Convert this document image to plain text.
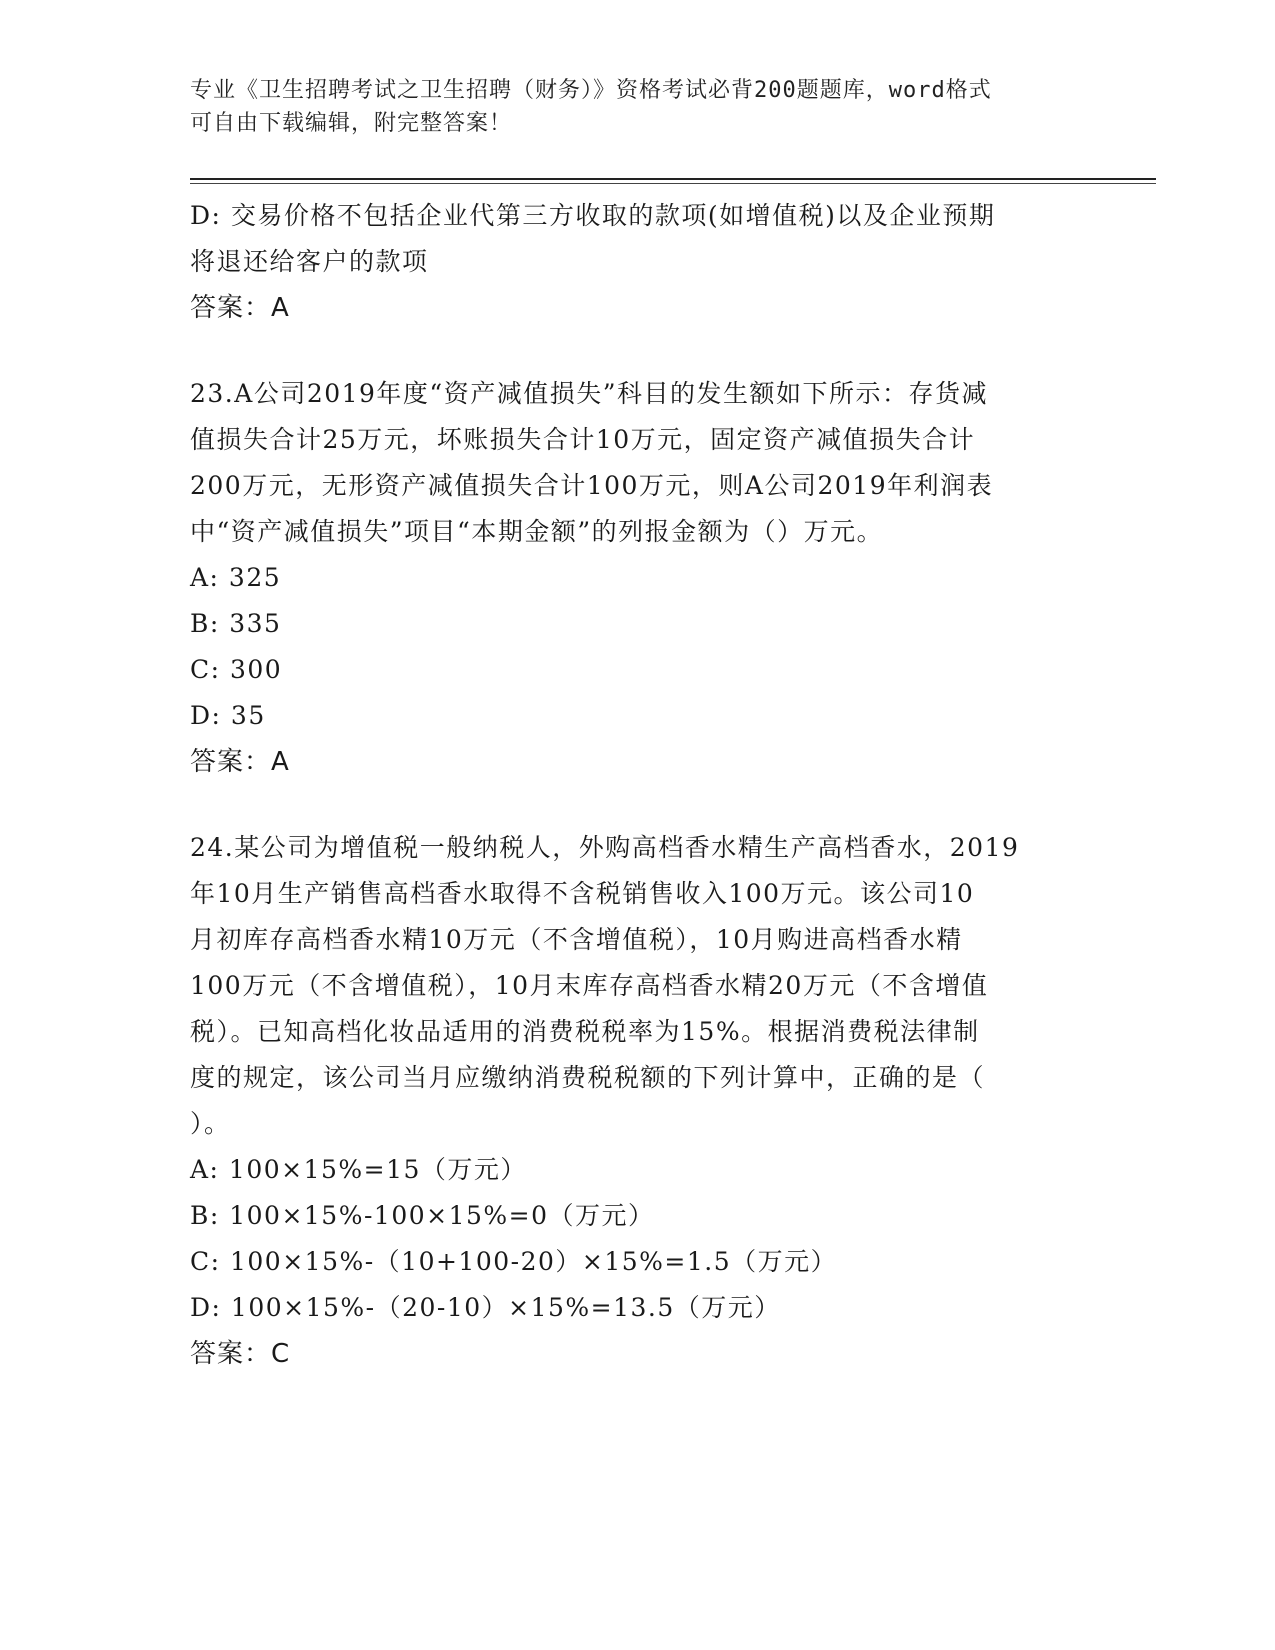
专业《卫生招聘考试之卫生招聘（财务）》资格考试必背200题题库，word格式
可自由下载编辑，附完整答案！
D: 交易价格不包括企业代第三方收取的款项(如增值税)以及企业预期
将退还给客户的款项
答案：A
23.A公司2019年度“资产减值损失”科目的发生额如下所示：存货减
值损失合计25万元，坏账损失合计10万元，固定资产减值损失合计
200万元，无形资产减值损失合计100万元，则A公司2019年利润表
中“资产减值损失”项目“本期金额”的列报金额为（）万元。
A: 325
B: 335
C: 300
D: 35
答案：A
24.某公司为增值税一般纳税人，外购高档香水精生产高档香水，2019
年10月生产销售高档香水取得不含税销售收入100万元。该公司10
月初库存高档香水精10万元（不含增值税），10月购进高档香水精
100万元（不含增值税），10月末库存高档香水精20万元（不含增值
税）。已知高档化妆品适用的消费税税率为15%。根据消费税法律制
度的规定，该公司当月应缴纳消费税税额的下列计算中，正确的是（
）。
A: 100×15%=15（万元）
B: 100×15%-100×15%=0（万元）
C: 100×15%-（10+100-20）×15%=1.5（万元）
D: 100×15%-（20-10）×15%=13.5（万元）
答案：C
